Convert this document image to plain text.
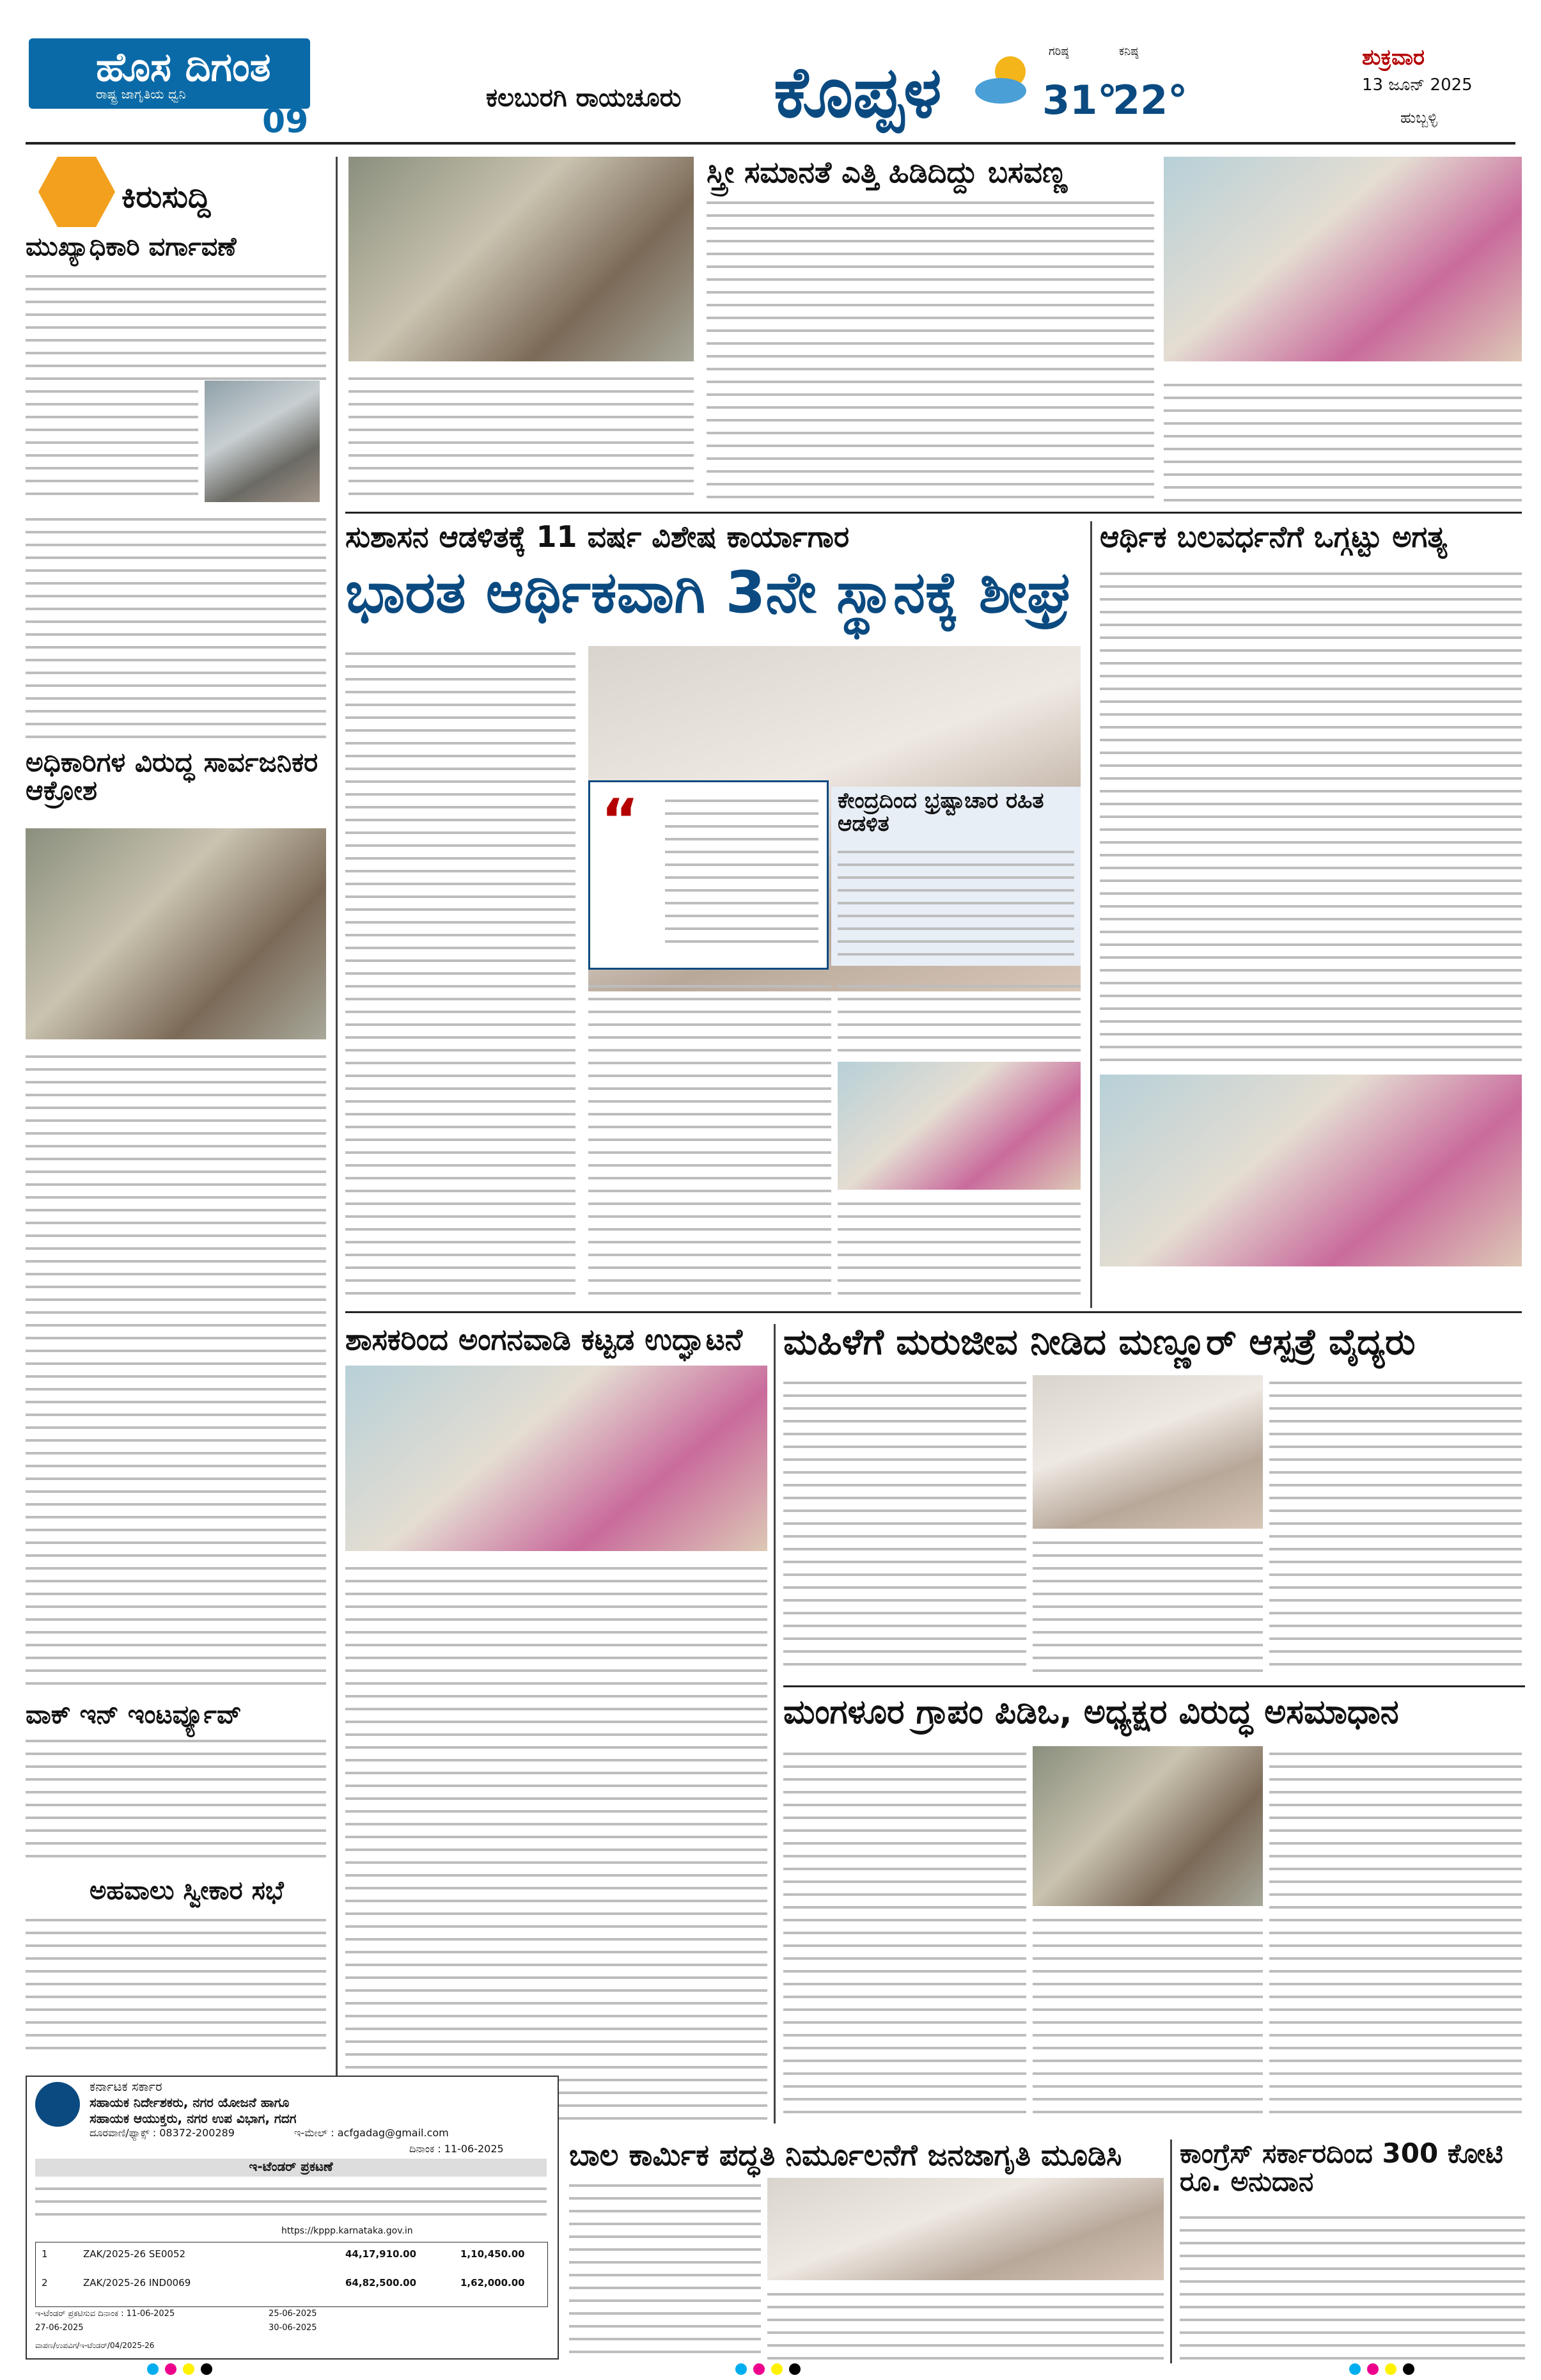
ಹೊಸ ದಿಗಂತ
ರಾಷ್ಟ್ರ ಜಾಗೃತಿಯ ಧ್ವನಿ
09
ಕಲಬುರಗಿ ರಾಯಚೂರು ಕೊಪ್ಪಳ	ಗರಿಷ್ಠ
31°
ಕನಿಷ್ಠ
22°
ಶುಕ್ರವಾರ
13 ಜೂನ್ 2025
ಹುಬ್ಬಳ್ಳಿ
ಕಿರುಸುದ್ದಿ
ಮುಖ್ಯಾಧಿಕಾರಿ ವರ್ಗಾವಣೆ
ಅಧಿಕಾರಿಗಳ ವಿರುದ್ಧ ಸಾರ್ವಜನಿಕರ ಆಕ್ರೋಶ
ವಾಕ್ ಇನ್ ಇಂಟರ್ವ್ಯೂವ್
ಅಹವಾಲು ಸ್ವೀಕಾರ ಸಭೆ
ಸ್ತ್ರೀ ಸಮಾನತೆ ಎತ್ತಿ ಹಿಡಿದಿದ್ದು ಬಸವಣ್ಣ
ಸುಶಾಸನ ಆಡಳಿತಕ್ಕೆ 11 ವರ್ಷ ವಿಶೇಷ ಕಾರ್ಯಾಗಾರ
ಭಾರತ ಆರ್ಥಿಕವಾಗಿ 3ನೇ ಸ್ಥಾನಕ್ಕೆ ಶೀಘ್ರ
“	ಕೇಂದ್ರದಿಂದ ಭ್ರಷ್ಟಾಚಾರ ರಹಿತ ಆಡಳಿತ
ಆರ್ಥಿಕ ಬಲವರ್ಧನೆಗೆ ಒಗ್ಗಟ್ಟು ಅಗತ್ಯ
ಶಾಸಕರಿಂದ ಅಂಗನವಾಡಿ ಕಟ್ಟಡ ಉದ್ಘಾಟನೆ	ಮಹಿಳೆಗೆ ಮರುಜೀವ ನೀಡಿದ ಮಣ್ಣೂರ್ ಆಸ್ಪತ್ರೆ ವೈದ್ಯರು
ಮಂಗಳೂರ ಗ್ರಾಪಂ ಪಿಡಿಒ, ಅಧ್ಯಕ್ಷರ ವಿರುದ್ಧ ಅಸಮಾಧಾನ
ಕರ್ನಾಟಕ ಸರ್ಕಾರ
ಸಹಾಯಕ ನಿರ್ದೇಶಕರು, ನಗರ ಯೋಜನೆ ಹಾಗೂ
ಸಹಾಯಕ ಆಯುಕ್ತರು, ನಗರ ಉಪ ವಿಭಾಗ, ಗದಗ
ದೂರವಾಣಿ/ಫ್ಯಾಕ್ಸ್ : 08372-200289	ಇ-ಮೇಲ್ : acfgadag@gmail.com
ದಿನಾಂಕ : 11-06-2025
ಇ-ಟೆಂಡರ್ ಪ್ರಕಟಣೆ
https://kppp.karnataka.gov.in
1	ZAK/2025-26 SE0052	44,17,910.00	1,10,450.00
2	ZAK/2025-26 IND0069	64,82,500.00	1,62,000.00
ಇ-ಟೆಂಡರ್ ಪ್ರಕಟಿಸುವ ದಿನಾಂಕ : 11-06-2025	25-06-2025
27-06-2025	30-06-2025
ವಾಪಣ/ಉಪವಿಗ/ಇ-ಟೆಂಡರ್/04/2025-26
ಬಾಲ ಕಾರ್ಮಿಕ ಪದ್ಧತಿ ನಿರ್ಮೂಲನೆಗೆ ಜನಜಾಗೃತಿ ಮೂಡಿಸಿ	ಕಾಂಗ್ರೆಸ್ ಸರ್ಕಾರದಿಂದ 300 ಕೋಟಿ ರೂ. ಅನುದಾನ
